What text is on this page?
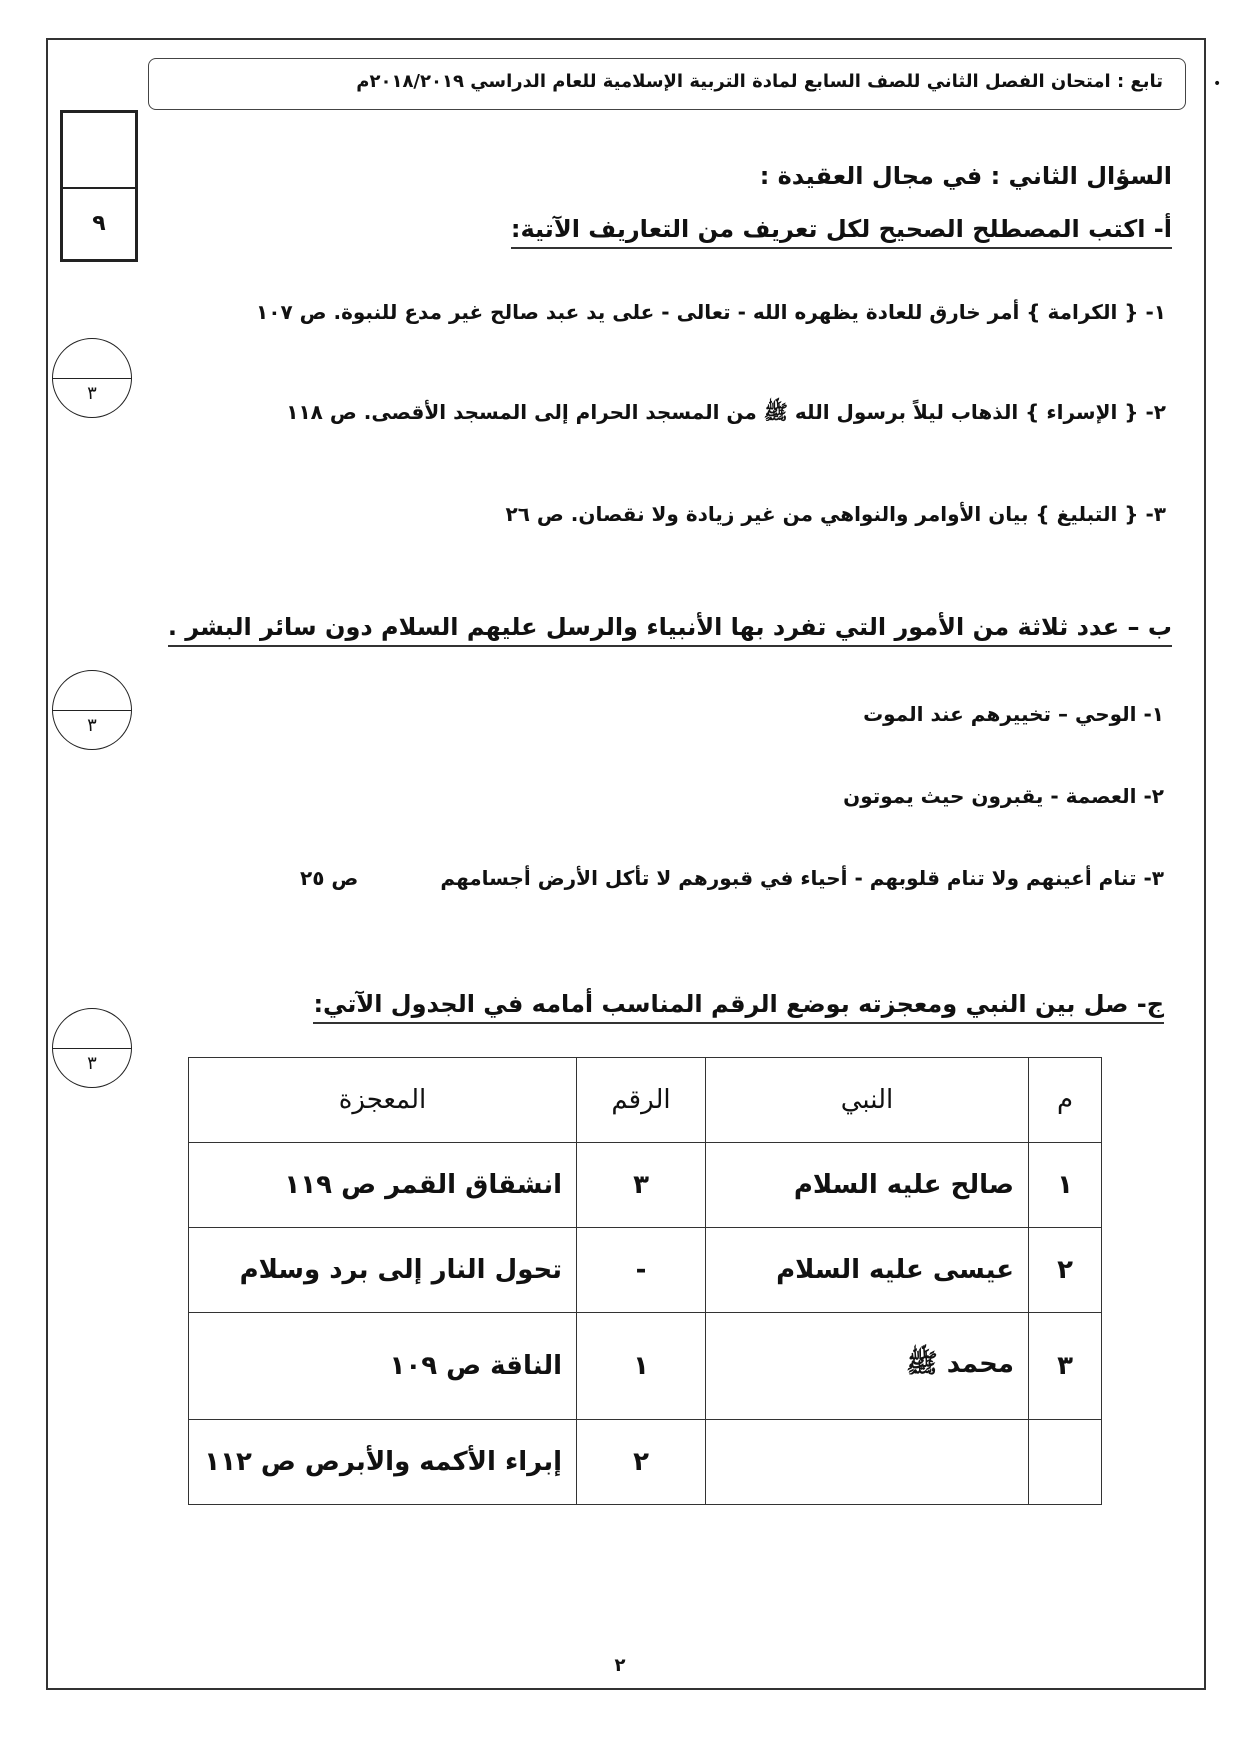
•
تابع : امتحان الفصل الثاني للصف السابع لمادة التربية الإسلامية للعام الدراسي ٢٠١٨/٢٠١٩م
٩
٣
٣
٣
السؤال الثاني : في مجال العقيدة :
أ- اكتب المصطلح الصحيح لكل تعريف من التعاريف الآتية:
١- { الكرامة } أمر خارق للعادة يظهره الله - تعالى - على يد عبد صالح غير مدع للنبوة. ص ١٠٧
٢- { الإسراء } الذهاب ليلاً برسول الله ﷺ من المسجد الحرام إلى المسجد الأقصى. ص ١١٨
٣- { التبليغ } بيان الأوامر والنواهي من غير زيادة ولا نقصان. ص ٢٦
ب – عدد ثلاثة من الأمور التي تفرد بها الأنبياء والرسل عليهم السلام دون سائر البشر .
١- الوحي – تخييرهم عند الموت
٢- العصمة - يقبرون حيث يموتون
٣- تنام أعينهم ولا تنام قلوبهم - أحياء في قبورهم لا تأكل الأرض أجسامهم
ص ٢٥
ج- صل بين النبي ومعجزته بوضع الرقم المناسب أمامه في الجدول الآتي:
م	النبي	الرقم	المعجزة
١	صالح عليه السلام	٣	انشقاق القمر ص ١١٩
٢	عيسى عليه السلام	-	تحول النار إلى برد وسلام
٣	محمد ﷺ	١	الناقة ص ١٠٩
		٢	إبراء الأكمه والأبرص ص ١١٢
٢
